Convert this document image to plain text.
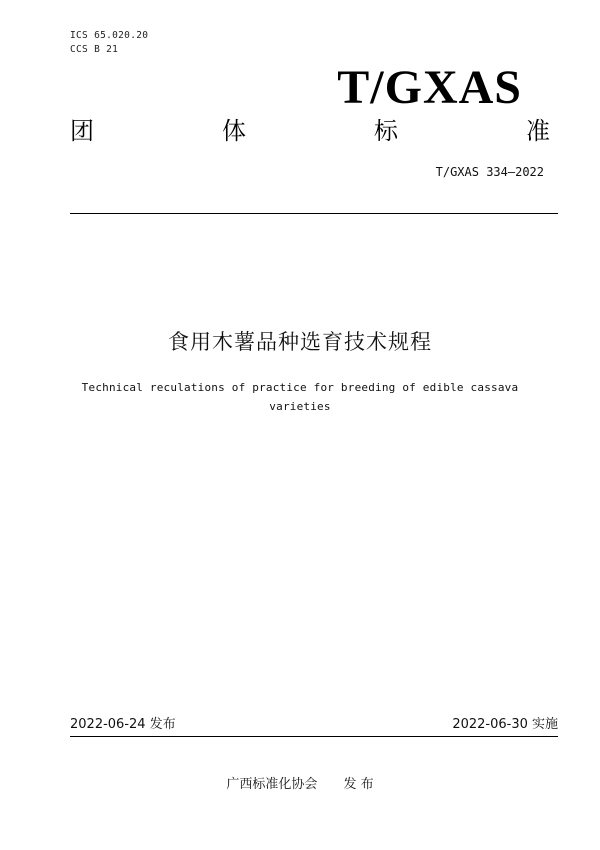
ICS 65.020.20
CCS B 21
T/GXAS
团	体	标	准
T/GXAS 334—2022
食用木薯品种选育技术规程
Technical reculations of practice for breeding of edible cassava
varieties
2022-06-24 发布	2022-06-30 实施
广西标准化协会 发 布
